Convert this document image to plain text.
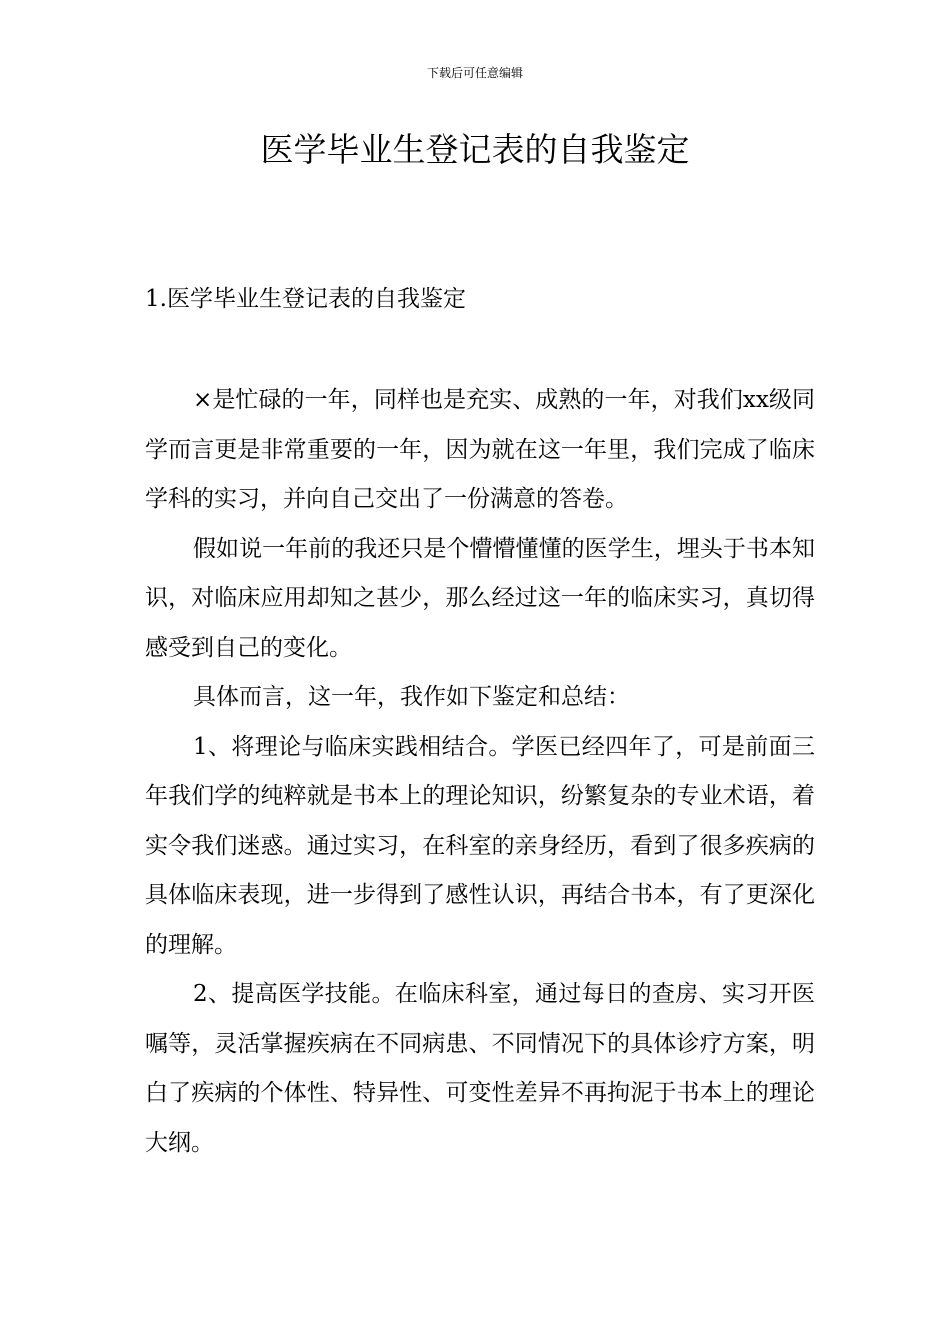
下载后可任意编辑
医学毕业生登记表的自我鉴定
1.医学毕业生登记表的自我鉴定

×是忙碌的一年，同样也是充实、成熟的一年，对我们xx级同学而言更是非常重要的一年，因为就在这一年里，我们完成了临床学科的实习，并向自己交出了一份满意的答卷。

假如说一年前的我还只是个懵懵懂懂的医学生，埋头于书本知识，对临床应用却知之甚少，那么经过这一年的临床实习，真切得感受到自己的变化。

具体而言，这一年，我作如下鉴定和总结：

1、将理论与临床实践相结合。学医已经四年了，可是前面三年我们学的纯粹就是书本上的理论知识，纷繁复杂的专业术语，着实令我们迷惑。通过实习，在科室的亲身经历，看到了很多疾病的具体临床表现，进一步得到了感性认识，再结合书本，有了更深化的理解。

2、提高医学技能。在临床科室，通过每日的查房、实习开医嘱等，灵活掌握疾病在不同病患、不同情况下的具体诊疗方案，明白了疾病的个体性、特异性、可变性差异不再拘泥于书本上的理论大纲。
